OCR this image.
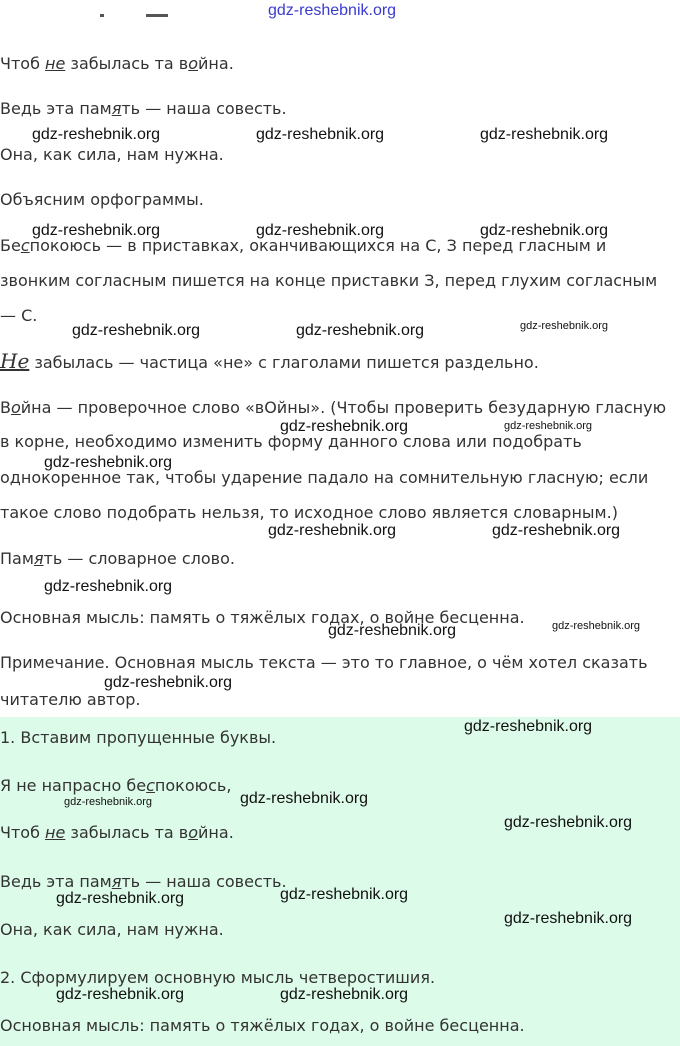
gdz-reshebnik.org
Чтоб не забылась та война.
Ведь эта память — наша совесть.
Она, как сила, нам нужна.
Объясним орфограммы.
Беспокоюсь — в приставках, оканчивающихся на С, З перед гласным и
звонким согласным пишется на конце приставки З, перед глухим согласным
— С.
Не забылась — частица «не» с глаголами пишется раздельно.
Война — проверочное слово «вОйны». (Чтобы проверить безударную гласную
в корне, необходимо изменить форму данного слова или подобрать
однокоренное так, чтобы ударение падало на сомнительную гласную; если
такое слово подобрать нельзя, то исходное слово является словарным.)
Память — словарное слово.
Основная мысль: память о тяжёлых годах, о войне бесценна.
Примечание. Основная мысль текста — это то главное, о чём хотел сказать
читателю автор.
1. Вставим пропущенные буквы.
Я не напрасно беспокоюсь,
Чтоб не забылась та война.
Ведь эта память — наша совесть.
Она, как сила, нам нужна.
2. Сформулируем основную мысль четверостишия.
Основная мысль: память о тяжёлых годах, о войне бесценна.
gdz-reshebnik.org	gdz-reshebnik.org	gdz-reshebnik.org
gdz-reshebnik.org	gdz-reshebnik.org	gdz-reshebnik.org
gdz-reshebnik.org	gdz-reshebnik.org	gdz-reshebnik.org
gdz-reshebnik.org	gdz-reshebnik.org
gdz-reshebnik.org
gdz-reshebnik.org	gdz-reshebnik.org
gdz-reshebnik.org
gdz-reshebnik.org	gdz-reshebnik.org
gdz-reshebnik.org
gdz-reshebnik.org
gdz-reshebnik.org	gdz-reshebnik.org
gdz-reshebnik.org
gdz-reshebnik.org	gdz-reshebnik.org
gdz-reshebnik.org
gdz-reshebnik.org	gdz-reshebnik.org
